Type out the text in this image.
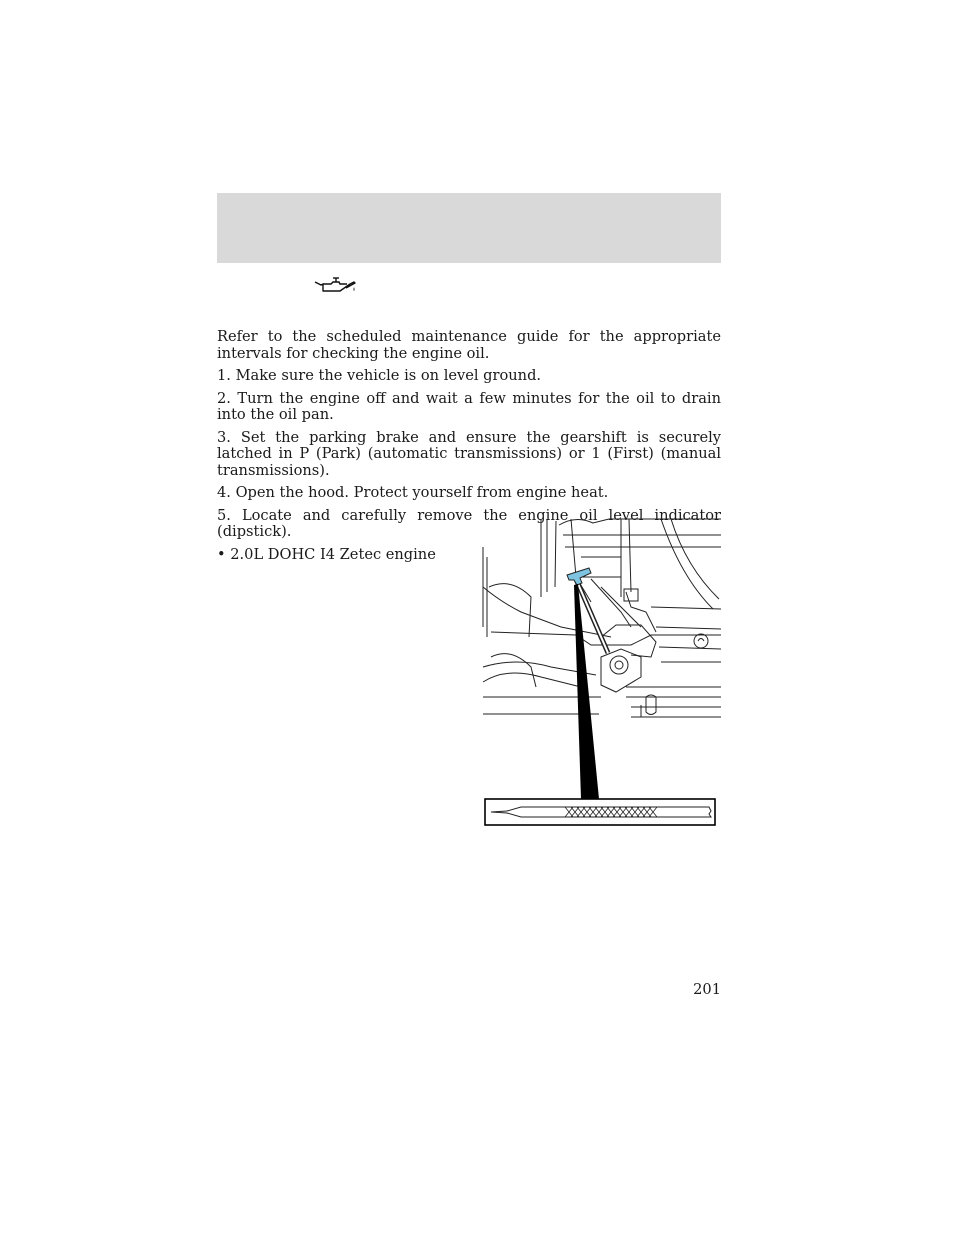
Refer to the scheduled maintenance guide for the appropriate intervals for checking the engine oil.

1. Make sure the vehicle is on level ground.

2. Turn the engine off and wait a few minutes for the oil to drain into the oil pan.

3. Set the parking brake and ensure the gearshift is securely latched in P (Park) (automatic transmissions) or 1 (First) (manual transmissions).

4. Open the hood. Protect yourself from engine heat.

5. Locate and carefully remove the engine oil level indicator (dipstick).

• 2.0L DOHC I4 Zetec engine

201
